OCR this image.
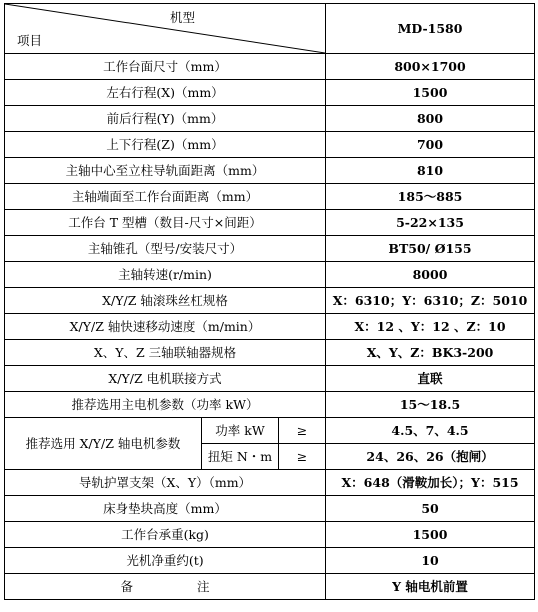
机型
项目			MD-1580
工作台面尺寸（mm）			800×1700
左右行程(X)（mm）			1500
前后行程(Y)（mm）			800
上下行程(Z)（mm）			700
主轴中心至立柱导轨面距离（mm）			810
主轴端面至工作台面距离（mm）			185～885
工作台 T 型槽（数目-尺寸×间距）			5-22×135
主轴锥孔（型号/安装尺寸）			BT50/ Ø155
主轴转速(r/min)			8000
X/Y/Z 轴滚珠丝杠规格			X：6310；Y：6310；Z：5010
X/Y/Z 轴快速移动速度（m/min）			X：12 、Y：12 、Z：10
X、Y、Z 三轴联轴器规格			X、Y、Z：BK3-200
X/Y/Z 电机联接方式			直联
推荐选用主电机参数（功率 kW）			15～18.5
推荐选用 X/Y/Z 轴电机参数	功率 kW	≥	4.5、7、4.5
	扭矩 N・m	≥	24、26、26（抱闸）
导轨护罩支架（X、Y）（mm）			X：648（滑鞍加长）；Y：515
床身垫块高度（mm）			50
工作台承重(kg)			1500
光机净重约(t)			10
备 注			Y 轴电机前置
